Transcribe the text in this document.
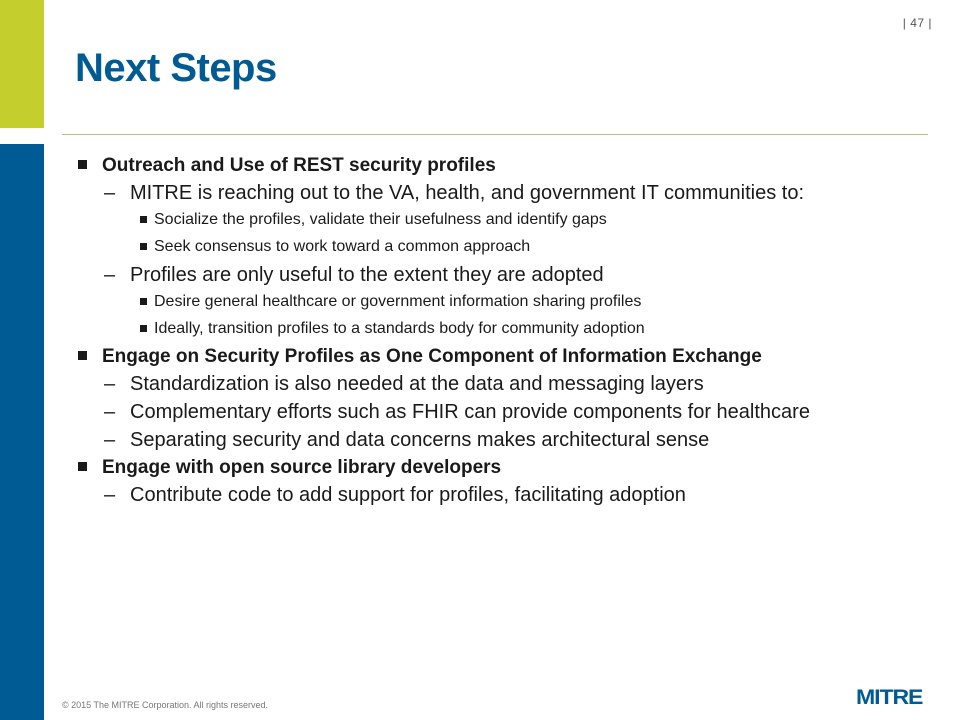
| 47 |
Next Steps
Outreach and Use of REST security profiles
– MITRE is reaching out to the VA, health, and government IT communities to:
Socialize the profiles, validate their usefulness and identify gaps
Seek consensus to work toward a common approach
– Profiles are only useful to the extent they are adopted
Desire general healthcare or government information sharing profiles
Ideally, transition profiles to a standards body for community adoption
Engage on Security Profiles as One Component of Information Exchange
– Standardization is also needed at the data and messaging layers
– Complementary efforts such as FHIR can provide components for healthcare
– Separating security and data concerns makes architectural sense
Engage with open source library developers
– Contribute code to add support for profiles, facilitating adoption
© 2015 The MITRE Corporation. All rights reserved.	MITRE
